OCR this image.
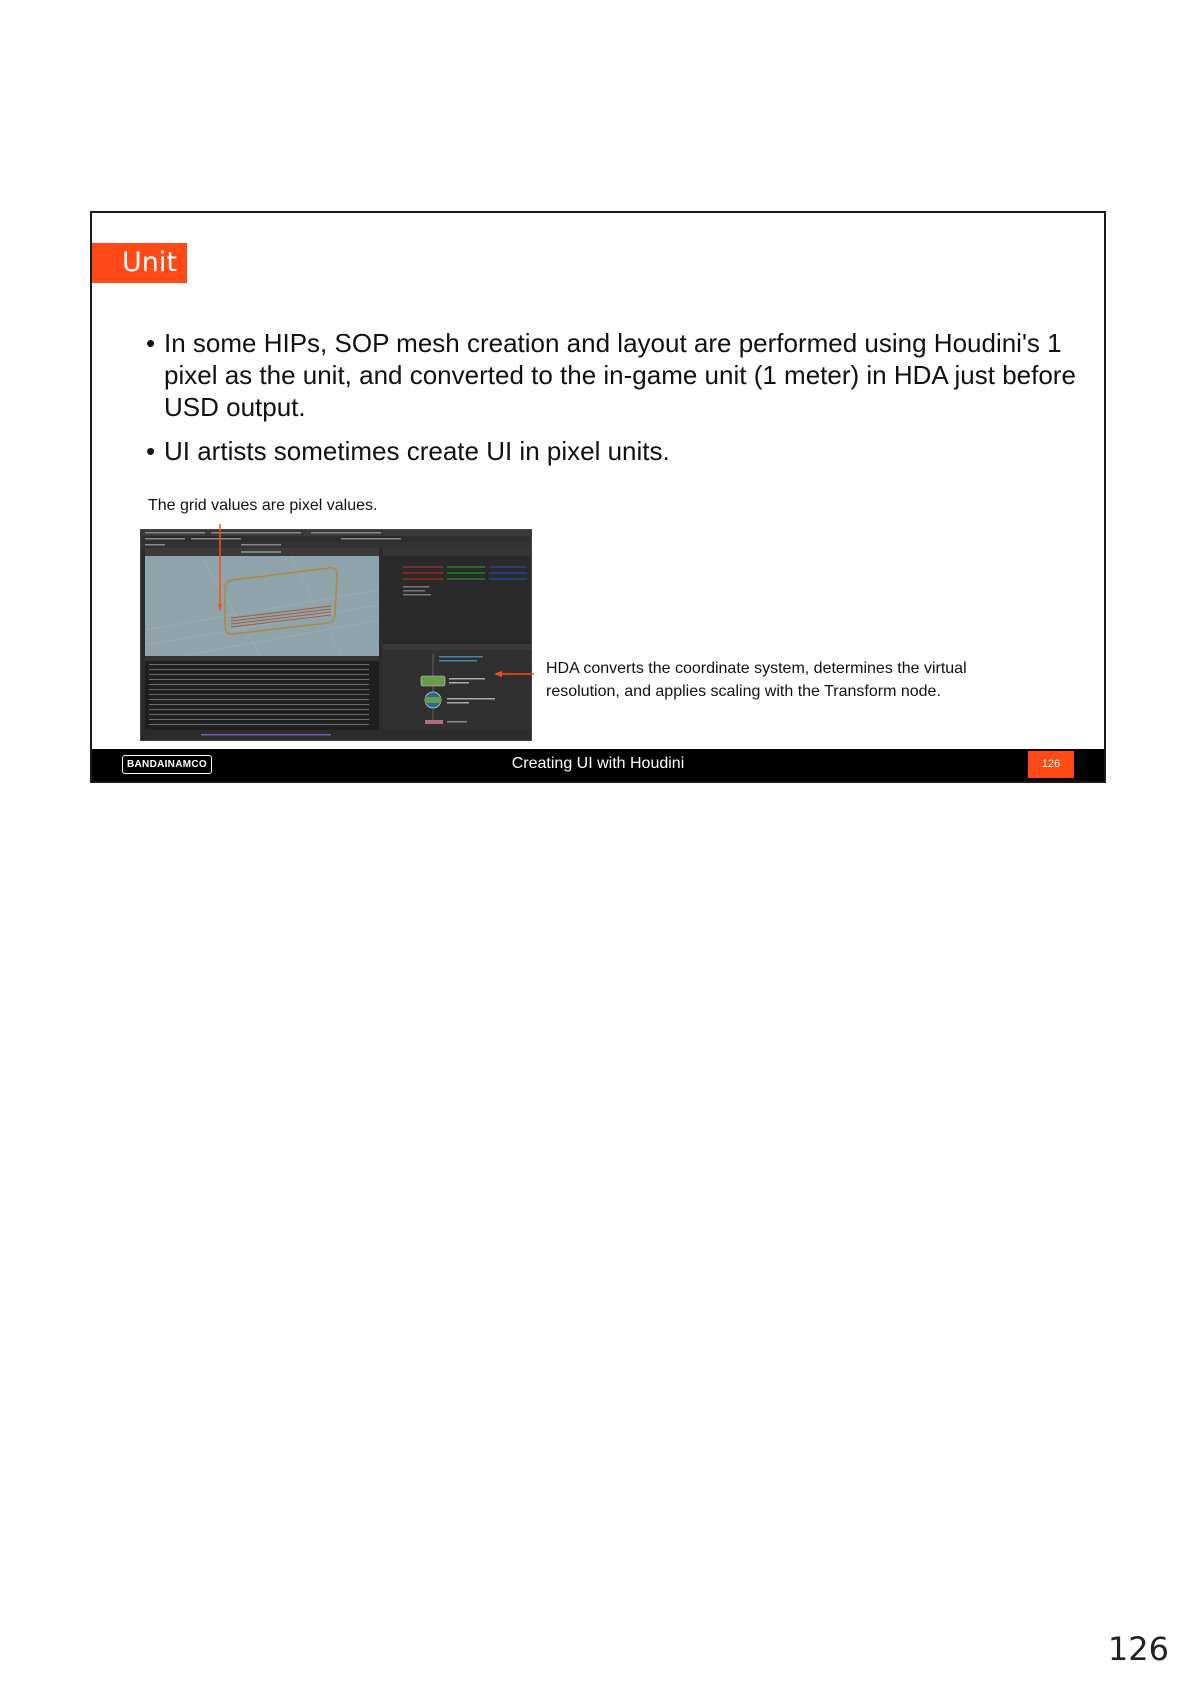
Unit
• In some HIPs, SOP mesh creation and layout are performed using Houdini's 1 pixel as the unit, and converted to the in-game unit (1 meter) in HDA just before USD output.
• UI artists sometimes create UI in pixel units.
The grid values are pixel values.
HDA converts the coordinate system, determines the virtual resolution, and applies scaling with the Transform node.
BANDAINAMCO	Creating UI with Houdini	126
126
